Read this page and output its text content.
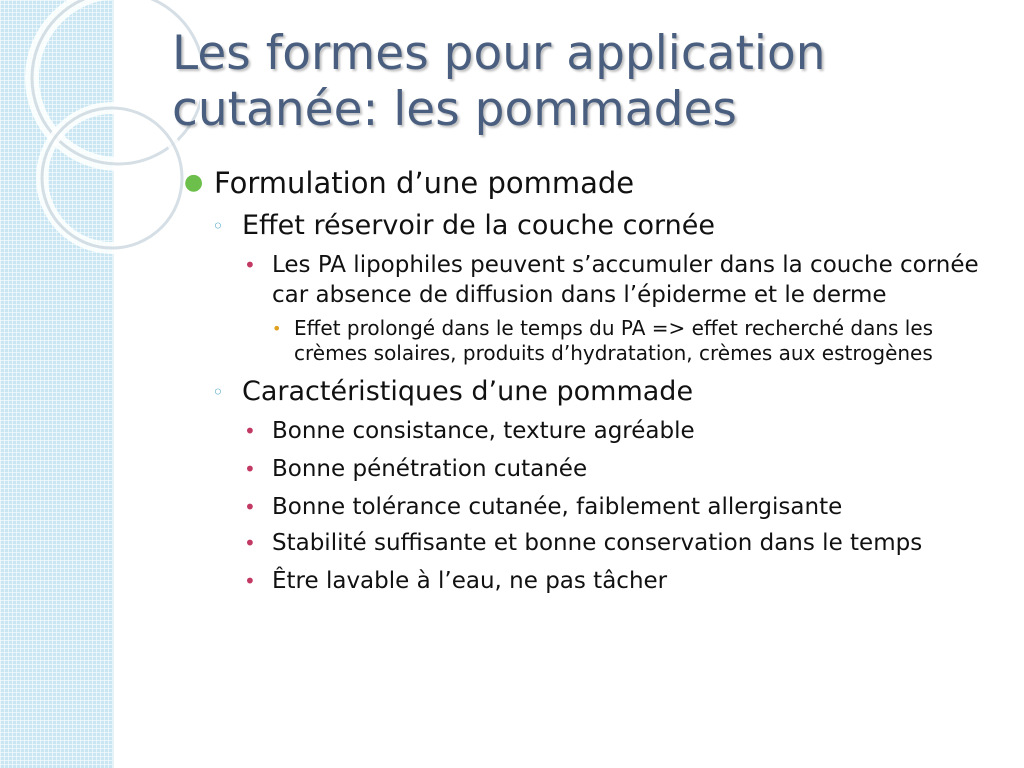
Les formes pour application
cutanée: les pommades
● Formulation d’une pommade
◦ Effet réservoir de la couche cornée
• Les PA lipophiles peuvent s’accumuler dans la couche cornée car absence de diffusion dans l’épiderme et le derme
• Effet prolongé dans le temps du PA => effet recherché dans les crèmes solaires, produits d’hydratation, crèmes aux estrogènes
◦ Caractéristiques d’une pommade
• Bonne consistance, texture agréable
• Bonne pénétration cutanée
• Bonne tolérance cutanée, faiblement allergisante
• Stabilité suffisante et bonne conservation dans le temps
• Être lavable à l’eau, ne pas tâcher
